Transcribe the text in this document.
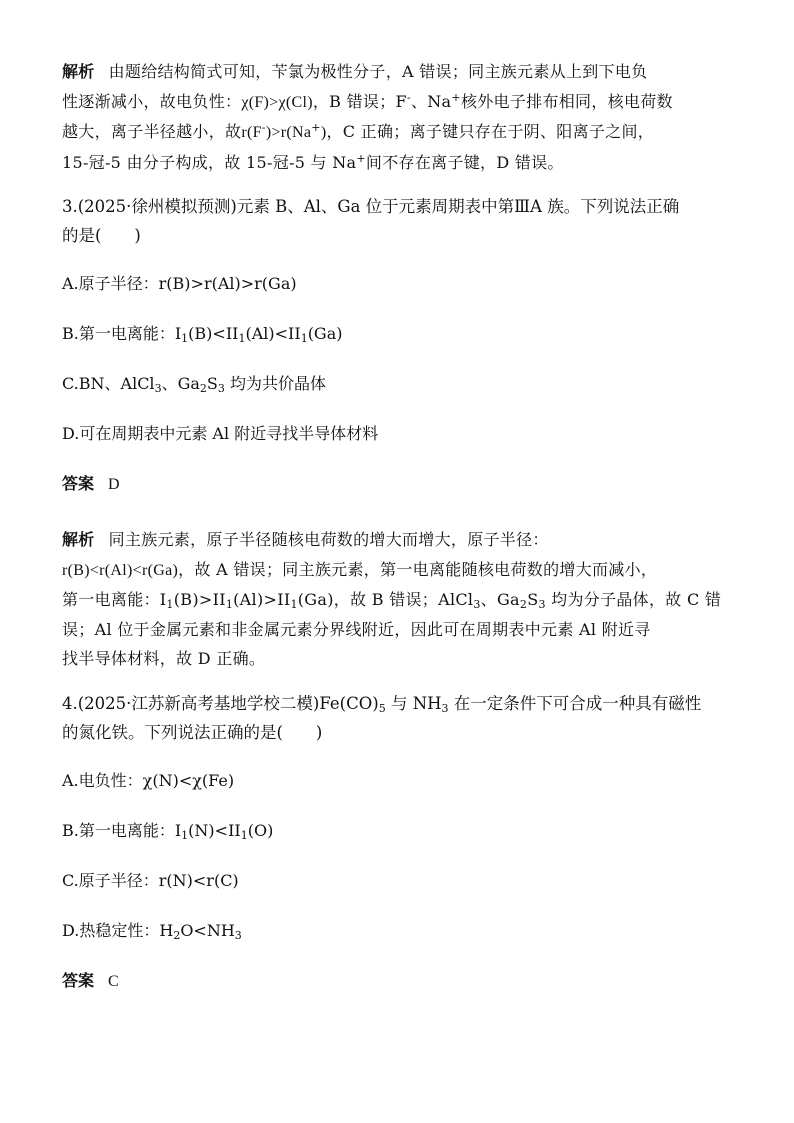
解析 由题给结构简式可知，苄氯为极性分子，A 错误；同主族元素从上到下电负
性逐渐减小，故电负性：χ(F)>χ(Cl)，B 错误；F-、Na+核外电子排布相同，核电荷数
越大，离子半径越小，故r(F-)>r(Na+)，C 正确；离子键只存在于阴、阳离子之间，
15-冠-5 由分子构成，故 15-冠-5 与 Na+间不存在离子键，D 错误。
3.(2025·徐州模拟预测)元素 B、Al、Ga 位于元素周期表中第ⅢA 族。下列说法正确
的是(　　)
A.原子半径：r(B)>r(Al)>r(Ga)
B.第一电离能：$I_1(B)<II_1(Al)<II_1(Ga)$
C.BN、AlCl$_3$、$Ga_2S_3$ 均为共价晶体
D.可在周期表中元素 Al 附近寻找半导体材料
答案 D
解析 同主族元素，原子半径随核电荷数的增大而增大，原子半径：
r(B)<r(Al)<r(Ga)，故 A 错误；同主族元素，第一电离能随核电荷数的增大而减小，
第一电离能：$I_1(B)>II_1(Al)>II_1(Ga)$，故 B 错误；AlCl$_3$、$Ga_2S_3$ 均为分子晶体，故 C 错
误；Al 位于金属元素和非金属元素分界线附近，因此可在周期表中元素 Al 附近寻
找半导体材料，故 D 正确。
4.(2025·江苏新高考基地学校二模)$Fe(CO)_5$ 与 $NH_3$ 在一定条件下可合成一种具有磁性
的氮化铁。下列说法正确的是(　　)
A.电负性：χ(N)<χ(Fe)
B.第一电离能：$I_1(N)<II_1(O)$
C.原子半径：r(N)<r(C)
D.热稳定性：$H_2O<NH_3$
答案 C
